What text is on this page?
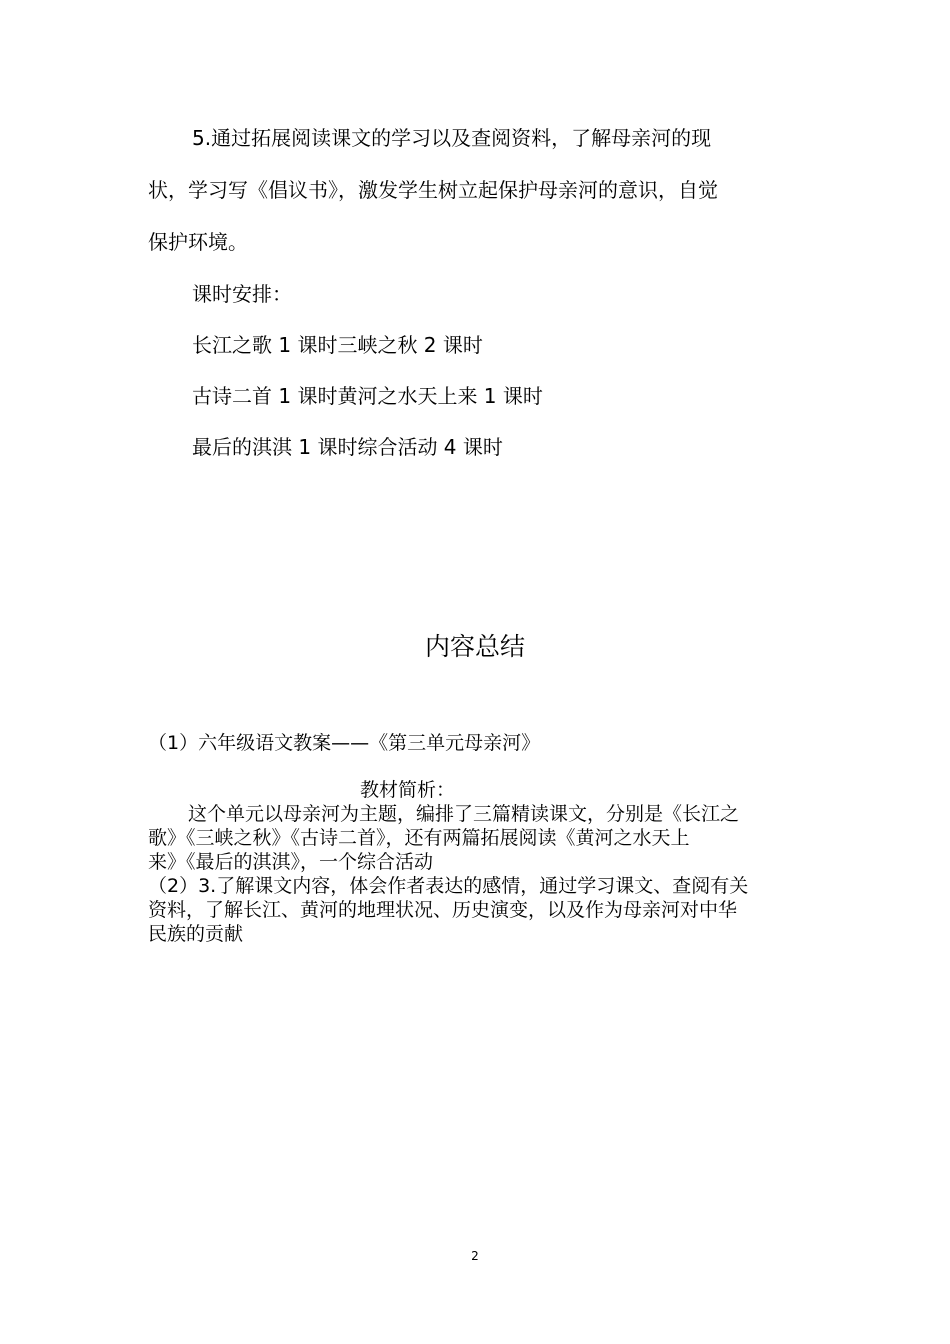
5.通过拓展阅读课文的学习以及查阅资料，了解母亲河的现
状，学习写《倡议书》，激发学生树立起保护母亲河的意识，自觉
保护环境。
课时安排：
长江之歌 1 课时三峡之秋 2 课时
古诗二首 1 课时黄河之水天上来 1 课时
最后的淇淇 1 课时综合活动 4 课时
内容总结
（1）六年级语文教案——《第三单元母亲河》
教材简析：
这个单元以母亲河为主题，编排了三篇精读课文，分别是《长江之
歌》《三峡之秋》《古诗二首》，还有两篇拓展阅读《黄河之水天上
来》《最后的淇淇》，一个综合活动
（2）3.了解课文内容，体会作者表达的感情，通过学习课文、查阅有关
资料，了解长江、黄河的地理状况、历史演变，以及作为母亲河对中华
民族的贡献
2
